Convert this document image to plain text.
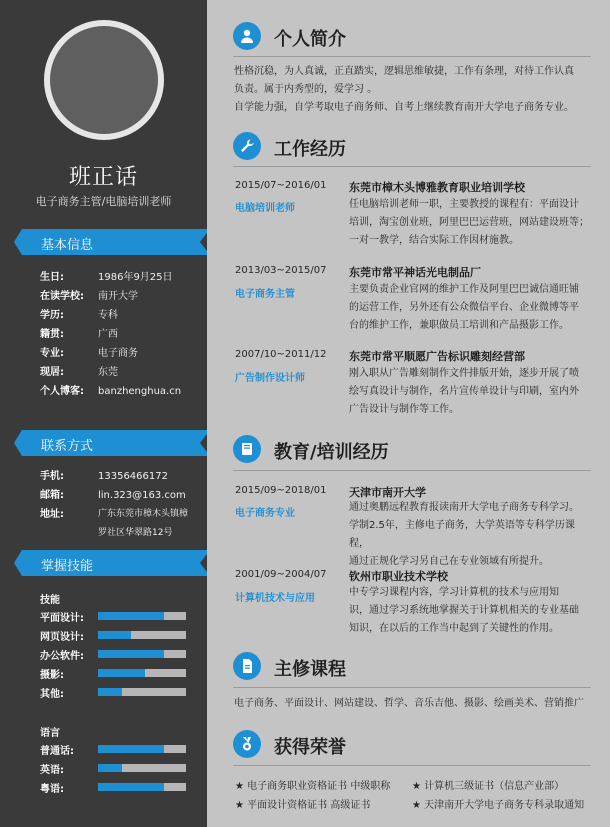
班正话
电子商务主管/电脑培训老师
基本信息
生日:	1986年9月25日
在读学校: 南开大学
学历:	专科
籍贯:	广西
专业:	电子商务
现居:	东莞
个人博客: banzhenghua.cn
联系方式
手机:	13356466172
邮箱:	lin.323@163.com
地址:	广东东莞市樟木头镇樟
罗社区华翠路12号
掌握技能
技能
平面设计:
网页设计:
办公软件:
摄影:
其他:
语言
普通话:
英语:
粤语:
个人简介
性格沉稳，为人真诚，正直踏实，逻辑思维敏捷，工作有条理，对待工作认真
负责。属于内秀型的，爱学习 。
自学能力强，自学考取电子商务师、自考上继续教育南开大学电子商务专业。
工作经历
2015/07~2016/01
电脑培训老师
东莞市樟木头博雅教育职业培训学校
任电脑培训老师一职，主要教授的课程有：平面设计
培训，淘宝创业班，阿里巴巴运营班，网站建设班等；
一对一教学，结合实际工作因材施教。
2013/03~2015/07
电子商务主管
东莞市常平神话光电制品厂
主要负责企业官网的维护工作及阿里巴巴诚信通旺铺
的运营工作，另外还有公众微信平台、企业微博等平
台的维护工作，兼职做员工培训和产品摄影工作。
2007/10~2011/12
广告制作设计师
东莞市常平顺愿广告标识雕刻经营部
刚入职从广告雕刻制作文件排版开始，逐步开展了喷
绘写真设计与制作，名片宣传单设计与印刷，室内外
广告设计与制作等工作。
教育/培训经历
2015/09~2018/01
电子商务专业
天津市南开大学
通过奥鹏远程教育报读南开大学电子商务专科学习。
学制2.5年，主修电子商务，大学英语等专科学历课程，
通过正规化学习另自己在专业领域有所提升。
2001/09~2004/07
计算机技术与应用
钦州市职业技术学校
中专学习课程内容，学习计算机的技术与应用知
识，通过学习系统地掌握关于计算机相关的专业基础
知识，在以后的工作当中起到了关键性的作用。
主修课程
电子商务、平面设计、网站建设、哲学、音乐吉他、摄影、绘画美术、营销推广
获得荣誉
★ 电子商务职业资格证书 中级职称	★ 计算机三级证书（信息产业部）
★ 平面设计资格证书 高级证书	★ 天津南开大学电子商务专科录取通知
